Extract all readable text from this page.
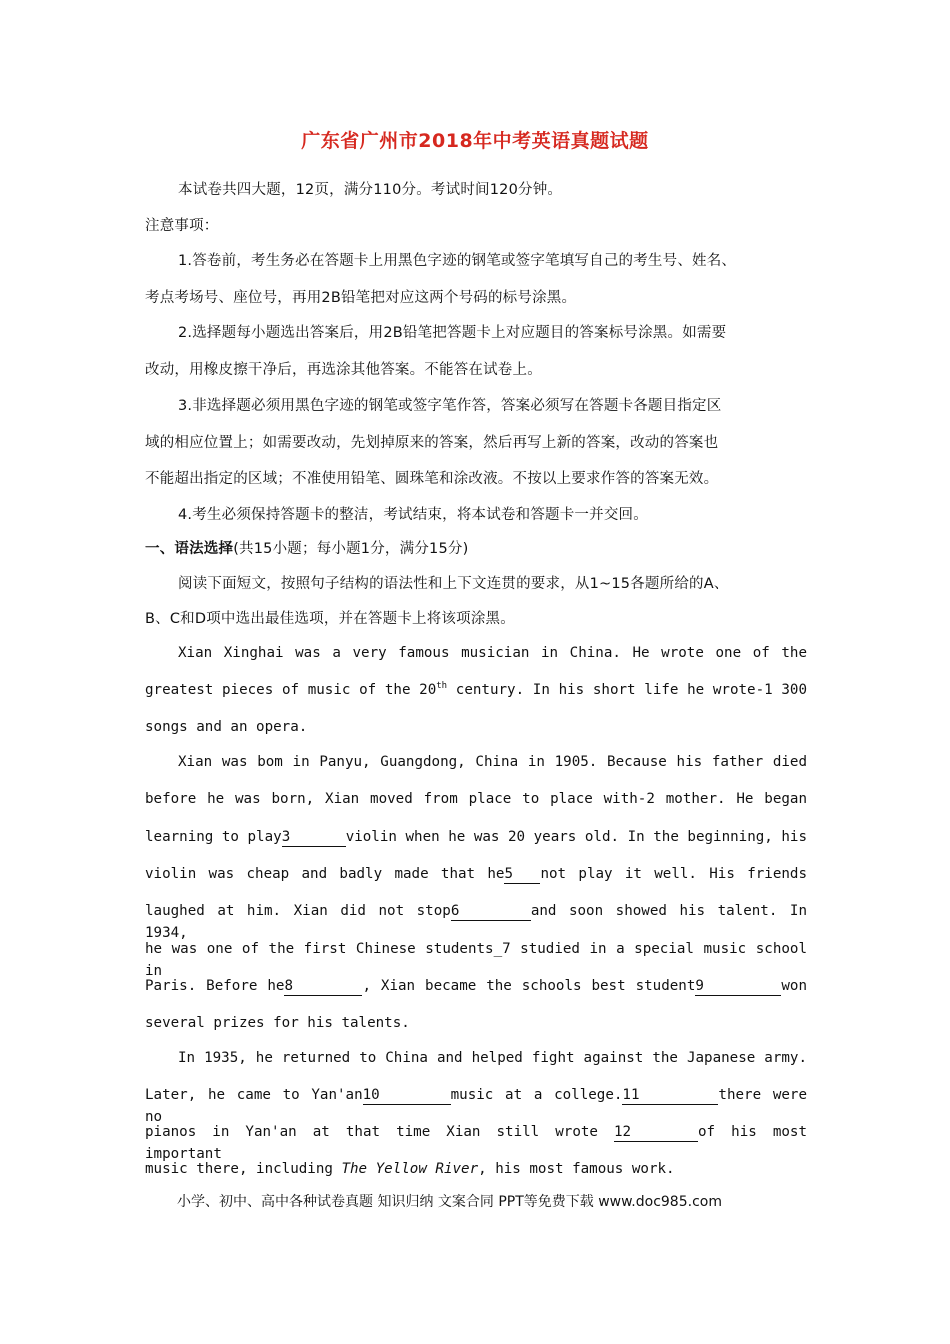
广东省广州市2018年中考英语真题试题
本试卷共四大题，12页，满分110分。考试时间120分钟。
注意事项：
1.答卷前，考生务必在答题卡上用黑色字迹的钢笔或签字笔填写自己的考生号、姓名、
考点考场号、座位号，再用2B铅笔把对应这两个号码的标号涂黑。
2.选择题每小题选出答案后，用2B铅笔把答题卡上对应题目的答案标号涂黑。如需要
改动，用橡皮擦干净后，再选涂其他答案。不能答在试卷上。
3.非选择题必须用黑色字迹的钢笔或签字笔作答，答案必须写在答题卡各题目指定区
域的相应位置上；如需要改动，先划掉原来的答案，然后再写上新的答案，改动的答案也
不能超出指定的区域；不准使用铅笔、圆珠笔和涂改液。不按以上要求作答的答案无效。
4.考生必须保持答题卡的整洁，考试结束，将本试卷和答题卡一并交回。
一、语法选择(共15小题；每小题1分，满分15分)
阅读下面短文，按照句子结构的语法性和上下文连贯的要求，从1~15各题所给的A、
B、C和D项中选出最佳选项，并在答题卡上将该项涂黑。
Xian Xinghai was a very famous musician in China. He wrote one of the
greatest pieces of music of the 20th century. In his short life he wrote-1 300
songs and an opera.
Xian was bom in Panyu, Guangdong, China in 1905. Because his father died
before he was born, Xian moved from place to place with-2 mother. He began
learning to play3	violin when he was 20 years old. In the beginning, his
violin was cheap and badly made that he5 not play it well. His friends
laughed at him. Xian did not stop6	and soon showed his talent. In 1934,
he was one of the first Chinese students_7 studied in a special music school in
Paris. Before he8	, Xian became the schools best student9	won
several prizes for his talents.
In 1935, he returned to China and helped fight against the Japanese army.
Later, he came to Yan'an10	music at a college.11	there were no
pianos in Yan'an at that time Xian still wrote 12	of his most important
music there, including The Yellow River, his most famous work.
小学、初中、高中各种试卷真题 知识归纳 文案合同 PPT等免费下载 www.doc985.com
